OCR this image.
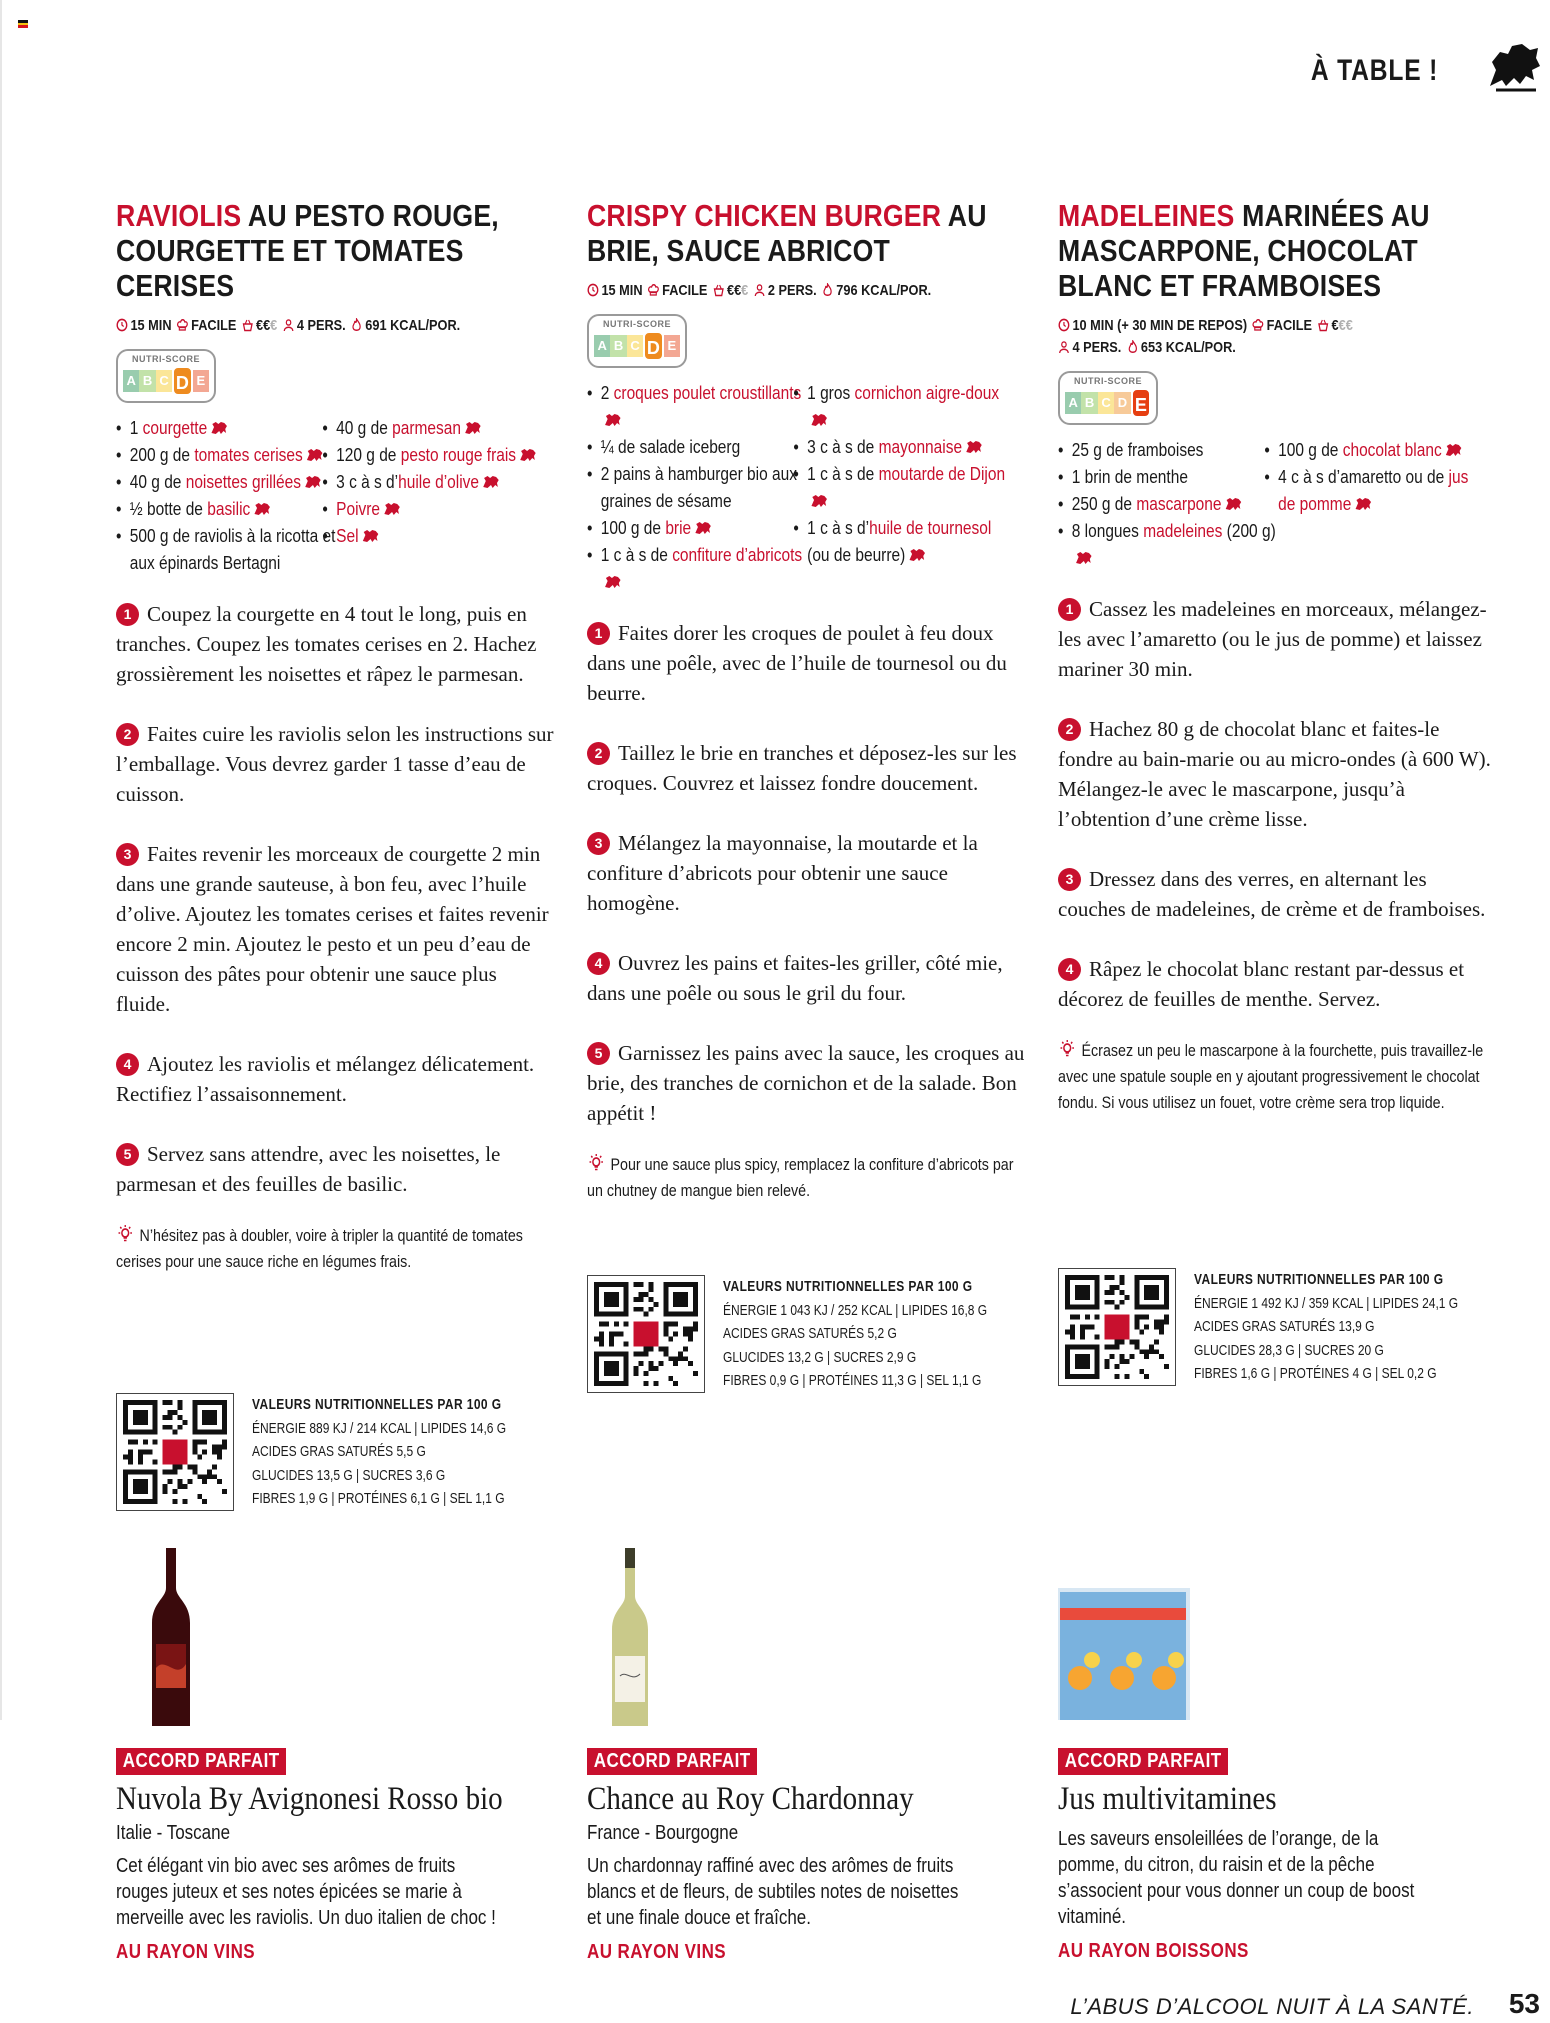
À TABLE !
RAVIOLIS AU PESTO ROUGE, COURGETTE ET TOMATES CERISES
15 MIN FACILE €€€ 4 PERS. 691 KCAL/POR.
NUTRI-SCORE
A B C D E
• 1 courgette
• 200 g de tomates cerises
• 40 g de noisettes grillées
• ½ botte de basilic
• 500 g de raviolis à la ricotta et aux épinards Bertagni
• 40 g de parmesan
• 120 g de pesto rouge frais
• 3 c à s d’huile d’olive
• Poivre
• Sel
1 Coupez la courgette en 4 tout le long, puis en tranches. Coupez les tomates cerises en 2. Hachez grossièrement les noisettes et râpez le parmesan.
2 Faites cuire les raviolis selon les instructions sur l’emballage. Vous devrez garder 1 tasse d’eau de cuisson.
3 Faites revenir les morceaux de courgette 2 min dans une grande sauteuse, à bon feu, avec l’huile d’olive. Ajoutez les tomates cerises et faites revenir encore 2 min. Ajoutez le pesto et un peu d’eau de cuisson des pâtes pour obtenir une sauce plus fluide.
4 Ajoutez les raviolis et mélangez délicatement. Rectifiez l’assaisonnement.
5 Servez sans attendre, avec les noisettes, le parmesan et des feuilles de basilic.
N’hésitez pas à doubler, voire à tripler la quantité de tomates cerises pour une sauce riche en légumes frais.
VALEURS NUTRITIONNELLES PAR 100 G
ÉNERGIE 889 KJ / 214 KCAL | LIPIDES 14,6 G
ACIDES GRAS SATURÉS 5,5 G
GLUCIDES 13,5 G | SUCRES 3,6 G
FIBRES 1,9 G | PROTÉINES 6,1 G | SEL 1,1 G
ACCORD PARFAIT
Nuvola By Avignonesi Rosso bio
Italie - Toscane
Cet élégant vin bio avec ses arômes de fruits rouges juteux et ses notes épicées se marie à merveille avec les raviolis. Un duo italien de choc !
AU RAYON VINS
CRISPY CHICKEN BURGER AU BRIE, SAUCE ABRICOT
15 MIN FACILE €€€ 2 PERS. 796 KCAL/POR.
NUTRI-SCORE
A B C D E
• 2 croques poulet croustillants
• ¼ de salade iceberg
• 2 pains à hamburger bio aux graines de sésame
• 100 g de brie
• 1 c à s de confiture d’abricots
• 1 gros cornichon aigre-doux
• 3 c à s de mayonnaise
• 1 c à s de moutarde de Dijon
• 1 c à s d’huile de tournesol (ou de beurre)
1 Faites dorer les croques de poulet à feu doux dans une poêle, avec de l’huile de tournesol ou du beurre.
2 Taillez le brie en tranches et déposez-les sur les croques. Couvrez et laissez fondre doucement.
3 Mélangez la mayonnaise, la moutarde et la confiture d’abricots pour obtenir une sauce homogène.
4 Ouvrez les pains et faites-les griller, côté mie, dans une poêle ou sous le gril du four.
5 Garnissez les pains avec la sauce, les croques au brie, des tranches de cornichon et de la salade. Bon appétit !
Pour une sauce plus spicy, remplacez la confiture d’abricots par un chutney de mangue bien relevé.
VALEURS NUTRITIONNELLES PAR 100 G
ÉNERGIE 1 043 KJ / 252 KCAL | LIPIDES 16,8 G
ACIDES GRAS SATURÉS 5,2 G
GLUCIDES 13,2 G | SUCRES 2,9 G
FIBRES 0,9 G | PROTÉINES 11,3 G | SEL 1,1 G
ACCORD PARFAIT
Chance au Roy Chardonnay
France - Bourgogne
Un chardonnay raffiné avec des arômes de fruits blancs et de fleurs, de subtiles notes de noisettes et une finale douce et fraîche.
AU RAYON VINS
MADELEINES MARINÉES AU MASCARPONE, CHOCOLAT BLANC ET FRAMBOISES
10 MIN (+ 30 MIN DE REPOS) FACILE €€€
4 PERS. 653 KCAL/POR.
NUTRI-SCORE
A B C D E
• 25 g de framboises
• 1 brin de menthe
• 250 g de mascarpone
• 8 longues madeleines (200 g)
• 100 g de chocolat blanc
• 4 c à s d’amaretto ou de jus de pomme
1 Cassez les madeleines en morceaux, mélangez-les avec l’amaretto (ou le jus de pomme) et laissez mariner 30 min.
2 Hachez 80 g de chocolat blanc et faites-le fondre au bain-marie ou au micro-ondes (à 600 W). Mélangez-le avec le mascarpone, jusqu’à l’obtention d’une crème lisse.
3 Dressez dans des verres, en alternant les couches de madeleines, de crème et de framboises.
4 Râpez le chocolat blanc restant par-dessus et décorez de feuilles de menthe. Servez.
Écrasez un peu le mascarpone à la fourchette, puis travaillez-le avec une spatule souple en y ajoutant progressivement le chocolat fondu. Si vous utilisez un fouet, votre crème sera trop liquide.
VALEURS NUTRITIONNELLES PAR 100 G
ÉNERGIE 1 492 KJ / 359 KCAL | LIPIDES 24,1 G
ACIDES GRAS SATURÉS 13,9 G
GLUCIDES 28,3 G | SUCRES 20 G
FIBRES 1,6 G | PROTÉINES 4 G | SEL 0,2 G
ACCORD PARFAIT
Jus multivitamines
Les saveurs ensoleillées de l’orange, de la pomme, du citron, du raisin et de la pêche s’associent pour vous donner un coup de boost vitaminé.
AU RAYON BOISSONS
L’ABUS D’ALCOOL NUIT À LA SANTÉ. 53
